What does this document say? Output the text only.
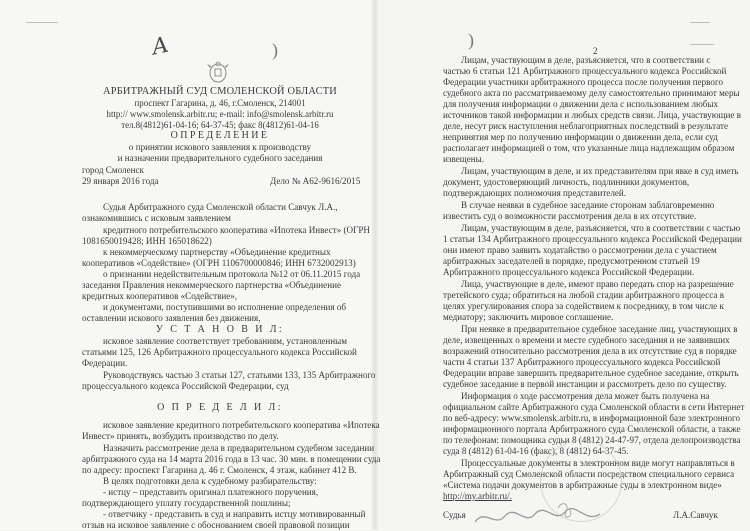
А	)
АРБИТРАЖНЫЙ СУД СМОЛЕНСКОЙ ОБЛАСТИ
проспект Гагарина, д. 46, г.Смоленск, 214001
http:// www.smolensk.arbitr.ru; e-mail: info@smolensk.arbitr.ru
тел.8(4812)61-04-16; 64-37-45; факс 8(4812)61-04-16
ОПРЕДЕЛЕНИЕ
о принятии искового заявления к производству
и назначении предварительного судебного заседания
город Смоленск
29 января 2016 года	Дело № А62-9616/2015
Судья Арбитражного суда Смоленской области Савчук Л.А.,
ознакомившись с исковым заявлением
кредитного потребительского кооператива «Ипотека Инвест» (ОГРН
1081650019428; ИНН 165018622)
к некоммерческому партнерству «Объединение кредитных
кооперативов «Содействие» (ОГРН 1106700000846; ИНН 6732002913)
о признании недействительным протокола №12 от 06.11.2015 года
заседания Правления некоммерческого партнерства «Объединение
кредитных кооперативов «Содействие»,
и документами, поступившими во исполнение определения об
оставлении искового заявления без движения,
У С Т А Н О В И Л:
исковое заявление соответствует требованиям, установленным
статьями 125, 126 Арбитражного процессуального кодекса Российской
Федерации.
Руководствуясь частью 3 статьи 127, статьями 133, 135 Арбитражного
процессуального кодекса Российской Федерации, суд
О П Р Е Д Е Л И Л:
исковое заявление кредитного потребительского кооператива «Ипотека
Инвест» принять, возбудить производство по делу.
Назначить рассмотрение дела в предварительном судебном заседании
арбитражного суда на 14 марта 2016 года в 13 час. 30 мин. в помещении суда
по адресу: проспект Гагарина д. 46 г. Смоленск, 4 этаж, кабинет 412 В.
В целях подготовки дела к судебному разбирательству:
- истцу – представить оригинал платежного поручения,
подтверждающего уплату государственной пошлины;
- ответчику - представить в суд и направить истцу мотивированный
отзыв на исковое заявление с обоснованием своей правовой позиции
)
2
Лицам, участвующим в деле, разъясняется, что в соответствии с
частью 6 статьи 121 Арбитражного процессуального кодекса Российской
Федерации участники арбитражного процесса после получения первого
судебного акта по рассматриваемому делу самостоятельно принимают меры
для получения информации о движении дела с использованием любых
источников такой информации и любых средств связи. Лица, участвующие в
деле, несут риск наступления неблагоприятных последствий в результате
непринятия мер по получению информации о движении дела, если суд
располагает информацией о том, что указанные лица надлежащим образом
извещены.
Лицам, участвующим в деле, и их представителям при явке в суд иметь
документ, удостоверяющий личность, подлинники документов,
подтверждающих полномочия представителей.
В случае неявки в судебное заседание сторонам заблаговременно
известить суд о возможности рассмотрения дела в их отсутствие.
Лицам, участвующим в деле, разъясняется, что в соответствии с частью
1 статьи 134 Арбитражного процессуального кодекса Российской Федерации
они имеют право заявить ходатайство о рассмотрении дела с участием
арбитражных заседателей в порядке, предусмотренном статьей 19
Арбитражного процессуального кодекса Российской Федерации.
Лица, участвующие в деле, имеют право передать спор на разрешение
третейского суда; обратиться на любой стадии арбитражного процесса в
целях урегулирования спора за содействием к посреднику, в том числе к
медиатору; заключить мировое соглашение.
При неявке в предварительное судебное заседание лиц, участвующих в
деле, извещенных о времени и месте судебного заседания и не заявивших
возражений относительно рассмотрения дела в их отсутствие суд в порядке
части 4 статьи 137 Арбитражного процессуального кодекса Российской
Федерации вправе завершить предварительное судебное заседание, открыть
судебное заседание в первой инстанции и рассмотреть дело по существу.
Информация о ходе рассмотрения дела может быть получена на
официальном сайте Арбитражного суда Смоленской области в сети Интернет
по веб-адресу: www.smolensk.arbitr.ru, в информационной базе электронного
информационного портала Арбитражного суда Смоленской области, а также
по телефонам: помощника судьи 8 (4812) 24-47-97, отдела делопроизводства
суда 8 (4812) 61-04-16 (факс), 8 (4812) 64-37-45.
Процессуальные документы в электронном виде могут направляться в
Арбитражный суд Смоленской области посредством специального сервиса
«Система подачи документов в арбитражные суды в электронном виде»
http://my.arbitr.ru/.
Судья	Л.А.Савчук
